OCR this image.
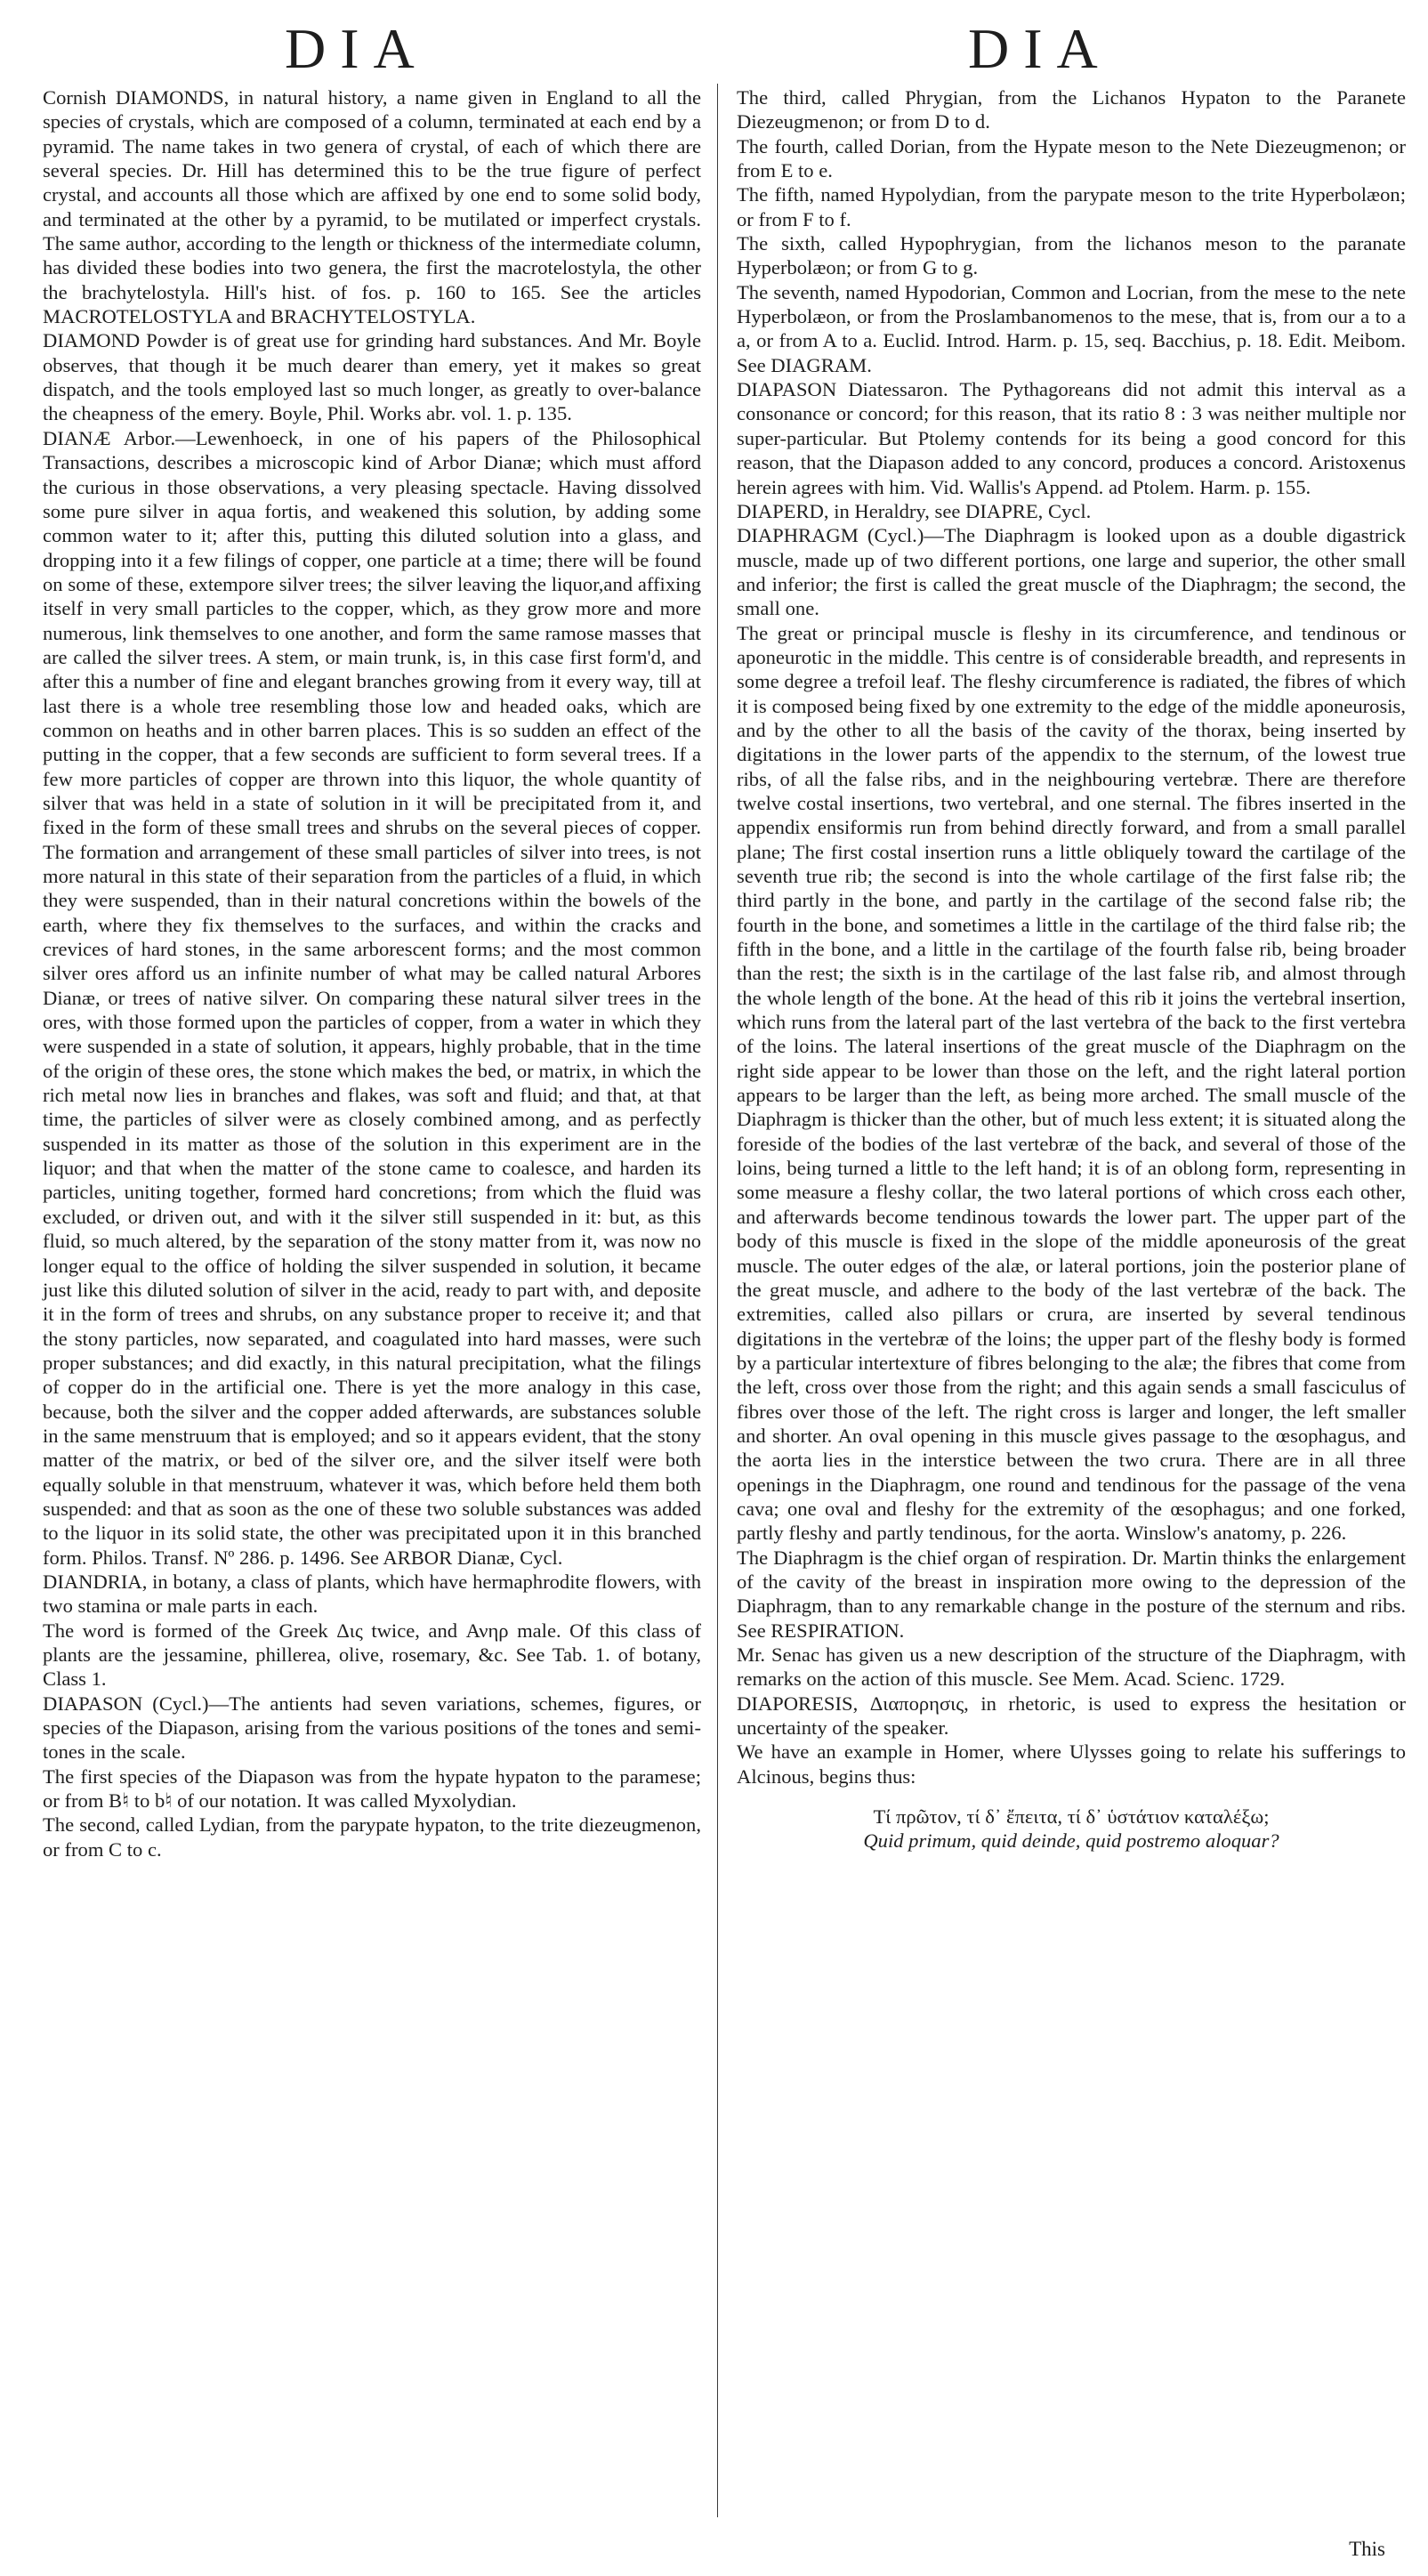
DIA	DIA

Cornish DIAMONDS, in natural history, a name given in England to all the species of crystals, which are composed of a column, terminated at each end by a pyramid. The name takes in two genera of crystal, of each of which there are several species. Dr. Hill has determined this to be the true figure of perfect crystal, and accounts all those which are affixed by one end to some solid body, and terminated at the other by a pyramid, to be mutilated or imperfect crystals. The same author, according to the length or thickness of the intermediate column, has divided these bodies into two genera, the first the macrotelostyla, the other the brachytelostyla. Hill's hist. of fos. p. 160 to 165. See the articles MACROTELOSTYLA and BRACHYTELOSTYLA.

DIAMOND Powder is of great use for grinding hard substances. And Mr. Boyle observes, that though it be much dearer than emery, yet it makes so great dispatch, and the tools employed last so much longer, as greatly to over-balance the cheapness of the emery. Boyle, Phil. Works abr. vol. 1. p. 135.

DIANÆ Arbor.—Lewenhoeck, in one of his papers of the Philosophical Transactions, describes a microscopic kind of Arbor Dianæ; which must afford the curious in those observations, a very pleasing spectacle. Having dissolved some pure silver in aqua fortis, and weakened this solution, by adding some common water to it; after this, putting this diluted solution into a glass, and dropping into it a few filings of copper, one particle at a time; there will be found on some of these, extempore silver trees; the silver leaving the liquor,and affixing itself in very small particles to the copper, which, as they grow more and more numerous, link themselves to one another, and form the same ramose masses that are called the silver trees. A stem, or main trunk, is, in this case first form'd, and after this a number of fine and elegant branches growing from it every way, till at last there is a whole tree resembling those low and headed oaks, which are common on heaths and in other barren places. This is so sudden an effect of the putting in the copper, that a few seconds are sufficient to form several trees. If a few more particles of copper are thrown into this liquor, the whole quantity of silver that was held in a state of solution in it will be precipitated from it, and fixed in the form of these small trees and shrubs on the several pieces of copper. The formation and arrangement of these small particles of silver into trees, is not more natural in this state of their separation from the particles of a fluid, in which they were suspended, than in their natural concretions within the bowels of the earth, where they fix themselves to the surfaces, and within the cracks and crevices of hard stones, in the same arborescent forms; and the most common silver ores afford us an infinite number of what may be called natural Arbores Dianæ, or trees of native silver. On comparing these natural silver trees in the ores, with those formed upon the particles of copper, from a water in which they were suspended in a state of solution, it appears, highly probable, that in the time of the origin of these ores, the stone which makes the bed, or matrix, in which the rich metal now lies in branches and flakes, was soft and fluid; and that, at that time, the particles of silver were as closely combined among, and as perfectly suspended in its matter as those of the solution in this experiment are in the liquor; and that when the matter of the stone came to coalesce, and harden its particles, uniting together, formed hard concretions; from which the fluid was excluded, or driven out, and with it the silver still suspended in it: but, as this fluid, so much altered, by the separation of the stony matter from it, was now no longer equal to the office of holding the silver suspended in solution, it became just like this diluted solution of silver in the acid, ready to part with, and deposite it in the form of trees and shrubs, on any substance proper to receive it; and that the stony particles, now separated, and coagulated into hard masses, were such proper substances; and did exactly, in this natural precipitation, what the filings of copper do in the artificial one. There is yet the more analogy in this case, because, both the silver and the copper added afterwards, are substances soluble in the same menstruum that is employed; and so it appears evident, that the stony matter of the matrix, or bed of the silver ore, and the silver itself were both equally soluble in that menstruum, whatever it was, which before held them both suspended: and that as soon as the one of these two soluble substances was added to the liquor in its solid state, the other was precipitated upon it in this branched form. Philos. Transf. Nº 286. p. 1496. See ARBOR Dianæ, Cycl.

DIANDRIA, in botany, a class of plants, which have hermaphrodite flowers, with two stamina or male parts in each.

The word is formed of the Greek Δις twice, and Ανηρ male. Of this class of plants are the jessamine, phillerea, olive, rosemary, &c. See Tab. 1. of botany, Class 1.

DIAPASON (Cycl.)—The antients had seven variations, schemes, figures, or species of the Diapason, arising from the various positions of the tones and semi-tones in the scale.

The first species of the Diapason was from the hypate hypaton to the paramese; or from B♮ to b♮ of our notation. It was called Myxolydian.

The second, called Lydian, from the parypate hypaton, to the trite diezeugmenon, or from C to c.

The third, called Phrygian, from the Lichanos Hypaton to the Paranete Diezeugmenon; or from D to d.

The fourth, called Dorian, from the Hypate meson to the Nete Diezeugmenon; or from E to e.

The fifth, named Hypolydian, from the parypate meson to the trite Hyperbolæon; or from F to f.

The sixth, called Hypophrygian, from the lichanos meson to the paranate Hyperbolæon; or from G to g.

The seventh, named Hypodorian, Common and Locrian, from the mese to the nete Hyperbolæon, or from the Proslambanomenos to the mese, that is, from our a to a a, or from A to a. Euclid. Introd. Harm. p. 15, seq. Bacchius, p. 18. Edit. Meibom. See DIAGRAM.

DIAPASON Diatessaron. The Pythagoreans did not admit this interval as a consonance or concord; for this reason, that its ratio 8 : 3 was neither multiple nor super-particular. But Ptolemy contends for its being a good concord for this reason, that the Diapason added to any concord, produces a concord. Aristoxenus herein agrees with him. Vid. Wallis's Append. ad Ptolem. Harm. p. 155.

DIAPERD, in Heraldry, see DIAPRE, Cycl.

DIAPHRAGM (Cycl.)—The Diaphragm is looked upon as a double digastrick muscle, made up of two different portions, one large and superior, the other small and inferior; the first is called the great muscle of the Diaphragm; the second, the small one.

The great or principal muscle is fleshy in its circumference, and tendinous or aponeurotic in the middle. This centre is of considerable breadth, and represents in some degree a trefoil leaf. The fleshy circumference is radiated, the fibres of which it is composed being fixed by one extremity to the edge of the middle aponeurosis, and by the other to all the basis of the cavity of the thorax, being inserted by digitations in the lower parts of the appendix to the sternum, of the lowest true ribs, of all the false ribs, and in the neighbouring vertebræ. There are therefore twelve costal insertions, two vertebral, and one sternal. The fibres inserted in the appendix ensiformis run from behind directly forward, and from a small parallel plane; The first costal insertion runs a little obliquely toward the cartilage of the seventh true rib; the second is into the whole cartilage of the first false rib; the third partly in the bone, and partly in the cartilage of the second false rib; the fourth in the bone, and sometimes a little in the cartilage of the third false rib; the fifth in the bone, and a little in the cartilage of the fourth false rib, being broader than the rest; the sixth is in the cartilage of the last false rib, and almost through the whole length of the bone. At the head of this rib it joins the vertebral insertion, which runs from the lateral part of the last vertebra of the back to the first vertebra of the loins. The lateral insertions of the great muscle of the Diaphragm on the right side appear to be lower than those on the left, and the right lateral portion appears to be larger than the left, as being more arched. The small muscle of the Diaphragm is thicker than the other, but of much less extent; it is situated along the foreside of the bodies of the last vertebræ of the back, and several of those of the loins, being turned a little to the left hand; it is of an oblong form, representing in some measure a fleshy collar, the two lateral portions of which cross each other, and afterwards become tendinous towards the lower part. The upper part of the body of this muscle is fixed in the slope of the middle aponeurosis of the great muscle. The outer edges of the alæ, or lateral portions, join the posterior plane of the great muscle, and adhere to the body of the last vertebræ of the back. The extremities, called also pillars or crura, are inserted by several tendinous digitations in the vertebræ of the loins; the upper part of the fleshy body is formed by a particular intertexture of fibres belonging to the alæ; the fibres that come from the left, cross over those from the right; and this again sends a small fasciculus of fibres over those of the left. The right cross is larger and longer, the left smaller and shorter. An oval opening in this muscle gives passage to the œsophagus, and the aorta lies in the interstice between the two crura. There are in all three openings in the Diaphragm, one round and tendinous for the passage of the vena cava; one oval and fleshy for the extremity of the œsophagus; and one forked, partly fleshy and partly tendinous, for the aorta. Winslow's anatomy, p. 226.

The Diaphragm is the chief organ of respiration. Dr. Martin thinks the enlargement of the cavity of the breast in inspiration more owing to the depression of the Diaphragm, than to any remarkable change in the posture of the sternum and ribs. See RESPIRATION.

Mr. Senac has given us a new description of the structure of the Diaphragm, with remarks on the action of this muscle. See Mem. Acad. Scienc. 1729.

DIAPORESIS, Διαπορησις, in rhetoric, is used to express the hesitation or uncertainty of the speaker.

We have an example in Homer, where Ulysses going to relate his sufferings to Alcinous, begins thus:

Τί πρῶτον, τί δ᾽ ἔπειτα, τί δ᾽ ὑστάτιον καταλέξω;
Quid primum, quid deinde, quid postremo aloquar?

This
